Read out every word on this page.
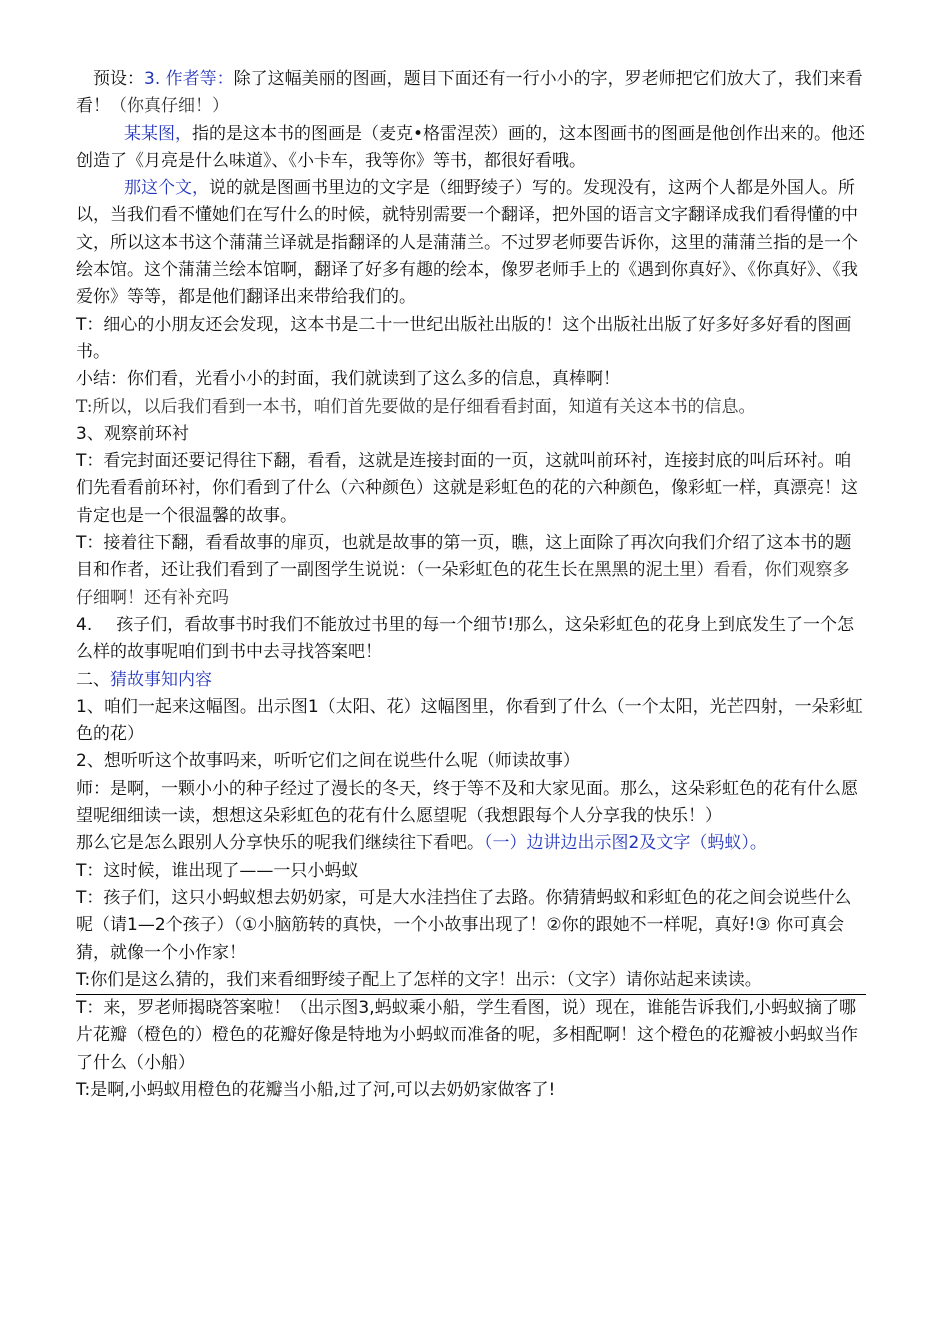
预设：3. 作者等：除了这幅美丽的图画，题目下面还有一行小小的字，罗老师把它们放大了，我们来看看！（你真仔细！）

某某图，指的是这本书的图画是（麦克•格雷涅茨）画的，这本图画书的图画是他创作出来的。他还创造了《月亮是什么味道》、《小卡车，我等你》等书，都很好看哦。

那这个文，说的就是图画书里边的文字是（细野绫子）写的。发现没有，这两个人都是外国人。所以，当我们看不懂她们在写什么的时候，就特别需要一个翻译，把外国的语言文字翻译成我们看得懂的中文，所以这本书这个蒲蒲兰译就是指翻译的人是蒲蒲兰。不过罗老师要告诉你，这里的蒲蒲兰指的是一个绘本馆。这个蒲蒲兰绘本馆啊，翻译了好多有趣的绘本，像罗老师手上的《遇到你真好》、《你真好》、《我爱你》等等，都是他们翻译出来带给我们的。

T：细心的小朋友还会发现，这本书是二十一世纪出版社出版的！这个出版社出版了好多好多好看的图画书。

小结：你们看，光看小小的封面，我们就读到了这么多的信息，真棒啊！

T:所以，以后我们看到一本书，咱们首先要做的是仔细看看封面，知道有关这本书的信息。

3、观察前环衬

T：看完封面还要记得往下翻，看看，这就是连接封面的一页，这就叫前环衬，连接封底的叫后环衬。咱们先看看前环衬，你们看到了什么（六种颜色）这就是彩虹色的花的六种颜色，像彩虹一样，真漂亮！这肯定也是一个很温馨的故事。

T：接着往下翻，看看故事的扉页，也就是故事的第一页，瞧，这上面除了再次向我们介绍了这本书的题目和作者，还让我们看到了一副图学生说说：（一朵彩虹色的花生长在黑黑的泥土里）看看，你们观察多仔细啊！还有补充吗

4. 孩子们，看故事书时我们不能放过书里的每一个细节!那么，这朵彩虹色的花身上到底发生了一个怎么样的故事呢咱们到书中去寻找答案吧！

二、猜故事知内容

1、咱们一起来这幅图。出示图1（太阳、花）这幅图里，你看到了什么（一个太阳，光芒四射，一朵彩虹色的花）

2、想听听这个故事吗来，听听它们之间在说些什么呢（师读故事）

师：是啊，一颗小小的种子经过了漫长的冬天，终于等不及和大家见面。那么，这朵彩虹色的花有什么愿望呢细细读一读，想想这朵彩虹色的花有什么愿望呢（我想跟每个人分享我的快乐！）

那么它是怎么跟别人分享快乐的呢我们继续往下看吧。（一）边讲边出示图2及文字（蚂蚁）。

T：这时候，谁出现了——一只小蚂蚁

T：孩子们，这只小蚂蚁想去奶奶家，可是大水洼挡住了去路。你猜猜蚂蚁和彩虹色的花之间会说些什么呢（请1—2个孩子）（①小脑筋转的真快，一个小故事出现了！②你的跟她不一样呢，真好!③ 你可真会猜，就像一个小作家！

T:你们是这么猜的，我们来看细野绫子配上了怎样的文字！出示：（文字）请你站起来读读。

T：来，罗老师揭晓答案啦！（出示图3,蚂蚁乘小船，学生看图，说）现在，谁能告诉我们,小蚂蚁摘了哪片花瓣（橙色的）橙色的花瓣好像是特地为小蚂蚁而准备的呢，多相配啊！这个橙色的花瓣被小蚂蚁当作了什么（小船）

T:是啊,小蚂蚁用橙色的花瓣当小船,过了河,可以去奶奶家做客了!
